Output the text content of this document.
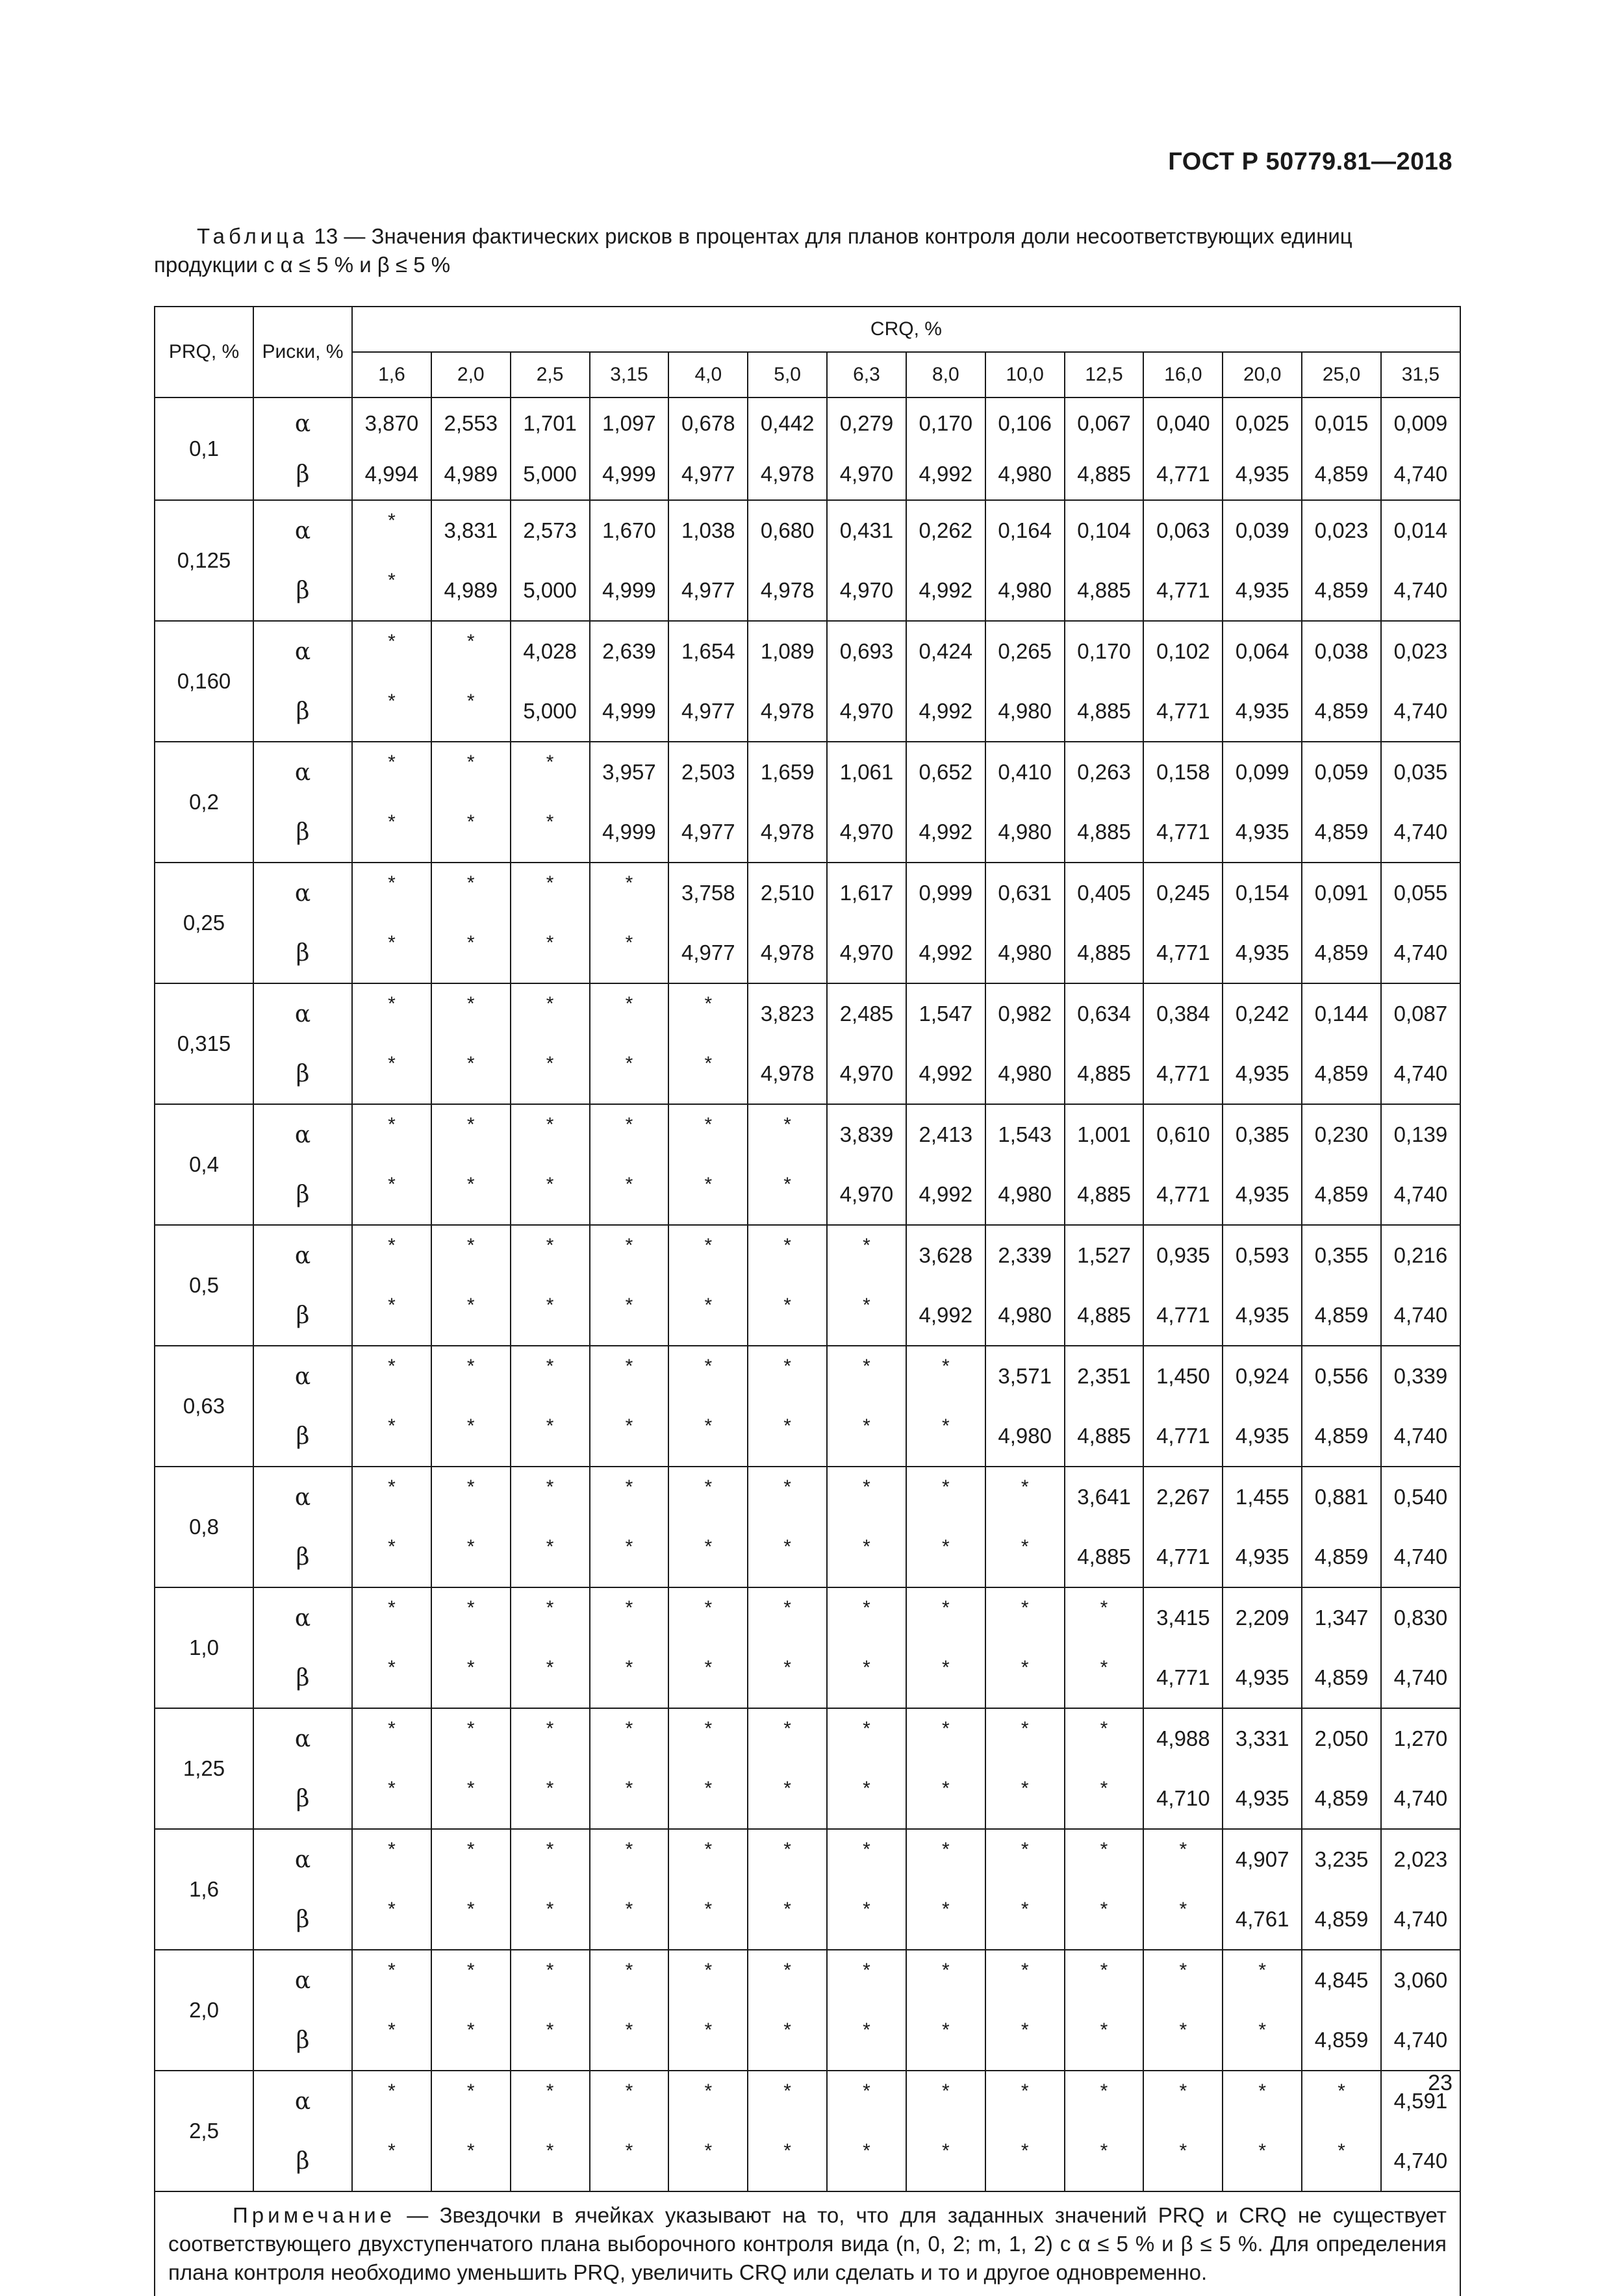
ГОСТ Р 50779.81—2018
  Таблица 13 — Значения фактических рисков в процентах для планов контроля доли несоответствующих единиц продукции с α ≤ 5 % и β ≤ 5 %
PRQ, %	Риски, %	CRQ, %													
		1,6	2,0	2,5	3,15	4,0	5,0	6,3	8,0	10,0	12,5	16,0	20,0	25,0	31,5
0,1	α	3,870	2,553	1,701	1,097	0,678	0,442	0,279	0,170	0,106	0,067	0,040	0,025	0,015	0,009
	β	4,994	4,989	5,000	4,999	4,977	4,978	4,970	4,992	4,980	4,885	4,771	4,935	4,859	4,740
0,125	α	*	3,831	2,573	1,670	1,038	0,680	0,431	0,262	0,164	0,104	0,063	0,039	0,023	0,014
	β	*	4,989	5,000	4,999	4,977	4,978	4,970	4,992	4,980	4,885	4,771	4,935	4,859	4,740
0,160	α	*	*	4,028	2,639	1,654	1,089	0,693	0,424	0,265	0,170	0,102	0,064	0,038	0,023
	β	*	*	5,000	4,999	4,977	4,978	4,970	4,992	4,980	4,885	4,771	4,935	4,859	4,740
0,2	α	*	*	*	3,957	2,503	1,659	1,061	0,652	0,410	0,263	0,158	0,099	0,059	0,035
	β	*	*	*	4,999	4,977	4,978	4,970	4,992	4,980	4,885	4,771	4,935	4,859	4,740
0,25	α	*	*	*	*	3,758	2,510	1,617	0,999	0,631	0,405	0,245	0,154	0,091	0,055
	β	*	*	*	*	4,977	4,978	4,970	4,992	4,980	4,885	4,771	4,935	4,859	4,740
0,315	α	*	*	*	*	*	3,823	2,485	1,547	0,982	0,634	0,384	0,242	0,144	0,087
	β	*	*	*	*	*	4,978	4,970	4,992	4,980	4,885	4,771	4,935	4,859	4,740
0,4	α	*	*	*	*	*	*	3,839	2,413	1,543	1,001	0,610	0,385	0,230	0,139
	β	*	*	*	*	*	*	4,970	4,992	4,980	4,885	4,771	4,935	4,859	4,740
0,5	α	*	*	*	*	*	*	*	3,628	2,339	1,527	0,935	0,593	0,355	0,216
	β	*	*	*	*	*	*	*	4,992	4,980	4,885	4,771	4,935	4,859	4,740
0,63	α	*	*	*	*	*	*	*	*	3,571	2,351	1,450	0,924	0,556	0,339
	β	*	*	*	*	*	*	*	*	4,980	4,885	4,771	4,935	4,859	4,740
0,8	α	*	*	*	*	*	*	*	*	*	3,641	2,267	1,455	0,881	0,540
	β	*	*	*	*	*	*	*	*	*	4,885	4,771	4,935	4,859	4,740
1,0	α	*	*	*	*	*	*	*	*	*	*	3,415	2,209	1,347	0,830
	β	*	*	*	*	*	*	*	*	*	*	4,771	4,935	4,859	4,740
1,25	α	*	*	*	*	*	*	*	*	*	*	4,988	3,331	2,050	1,270
	β	*	*	*	*	*	*	*	*	*	*	4,710	4,935	4,859	4,740
1,6	α	*	*	*	*	*	*	*	*	*	*	*	4,907	3,235	2,023
	β	*	*	*	*	*	*	*	*	*	*	*	4,761	4,859	4,740
2,0	α	*	*	*	*	*	*	*	*	*	*	*	*	4,845	3,060
	β	*	*	*	*	*	*	*	*	*	*	*	*	4,859	4,740
2,5	α	*	*	*	*	*	*	*	*	*	*	*	*	*	4,591
	β	*	*	*	*	*	*	*	*	*	*	*	*	*	4,740
   Примечание — Звездочки в ячейках указывают на то, что для заданных значений PRQ и CRQ не существует соответствующего двухступенчатого плана выборочного контроля вида (n, 0, 2; m, 1, 2) с α ≤ 5 % и β ≤ 5 %. Для определения плана контроля необходимо уменьшить PRQ, увеличить CRQ или сделать и то и другое одновременно.															
23
